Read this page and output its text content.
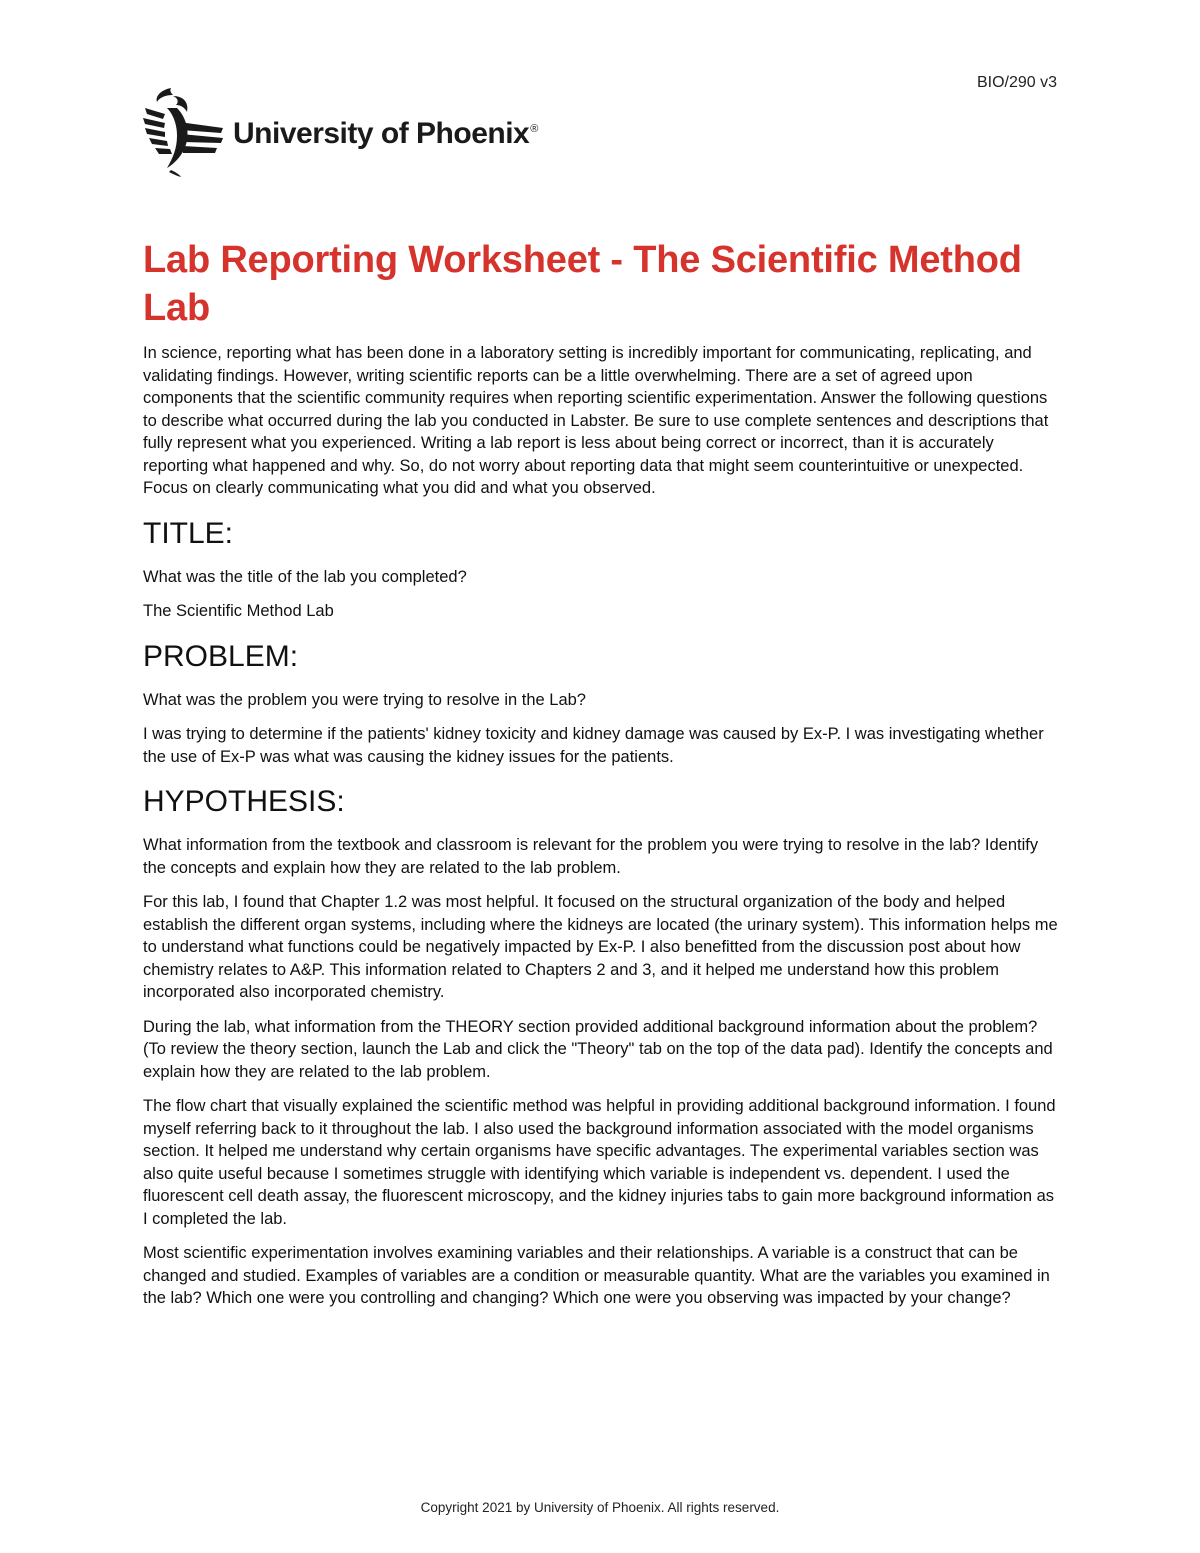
BIO/290 v3
University of Phoenix®
Lab Reporting Worksheet - The Scientific Method Lab

In science, reporting what has been done in a laboratory setting is incredibly important for communicating, replicating, and validating findings. However, writing scientific reports can be a little overwhelming. There are a set of agreed upon components that the scientific community requires when reporting scientific experimentation. Answer the following questions to describe what occurred during the lab you conducted in Labster. Be sure to use complete sentences and descriptions that fully represent what you experienced. Writing a lab report is less about being correct or incorrect, than it is accurately reporting what happened and why. So, do not worry about reporting data that might seem counterintuitive or unexpected. Focus on clearly communicating what you did and what you observed.

TITLE:

What was the title of the lab you completed?

The Scientific Method Lab

PROBLEM:

What was the problem you were trying to resolve in the Lab?

I was trying to determine if the patients' kidney toxicity and kidney damage was caused by Ex-P. I was investigating whether the use of Ex-P was what was causing the kidney issues for the patients.

HYPOTHESIS:

What information from the textbook and classroom is relevant for the problem you were trying to resolve in the lab? Identify the concepts and explain how they are related to the lab problem.

For this lab, I found that Chapter 1.2 was most helpful. It focused on the structural organization of the body and helped establish the different organ systems, including where the kidneys are located (the urinary system). This information helps me to understand what functions could be negatively impacted by Ex-P. I also benefitted from the discussion post about how chemistry relates to A&P. This information related to Chapters 2 and 3, and it helped me understand how this problem incorporated also incorporated chemistry.

During the lab, what information from the THEORY section provided additional background information about the problem? (To review the theory section, launch the Lab and click the "Theory" tab on the top of the data pad). Identify the concepts and explain how they are related to the lab problem.

The flow chart that visually explained the scientific method was helpful in providing additional background information. I found myself referring back to it throughout the lab. I also used the background information associated with the model organisms section. It helped me understand why certain organisms have specific advantages. The experimental variables section was also quite useful because I sometimes struggle with identifying which variable is independent vs. dependent. I used the fluorescent cell death assay, the fluorescent microscopy, and the kidney injuries tabs to gain more background information as I completed the lab.

Most scientific experimentation involves examining variables and their relationships. A variable is a construct that can be changed and studied. Examples of variables are a condition or measurable quantity. What are the variables you examined in the lab? Which one were you controlling and changing? Which one were you observing was impacted by your change?

Copyright 2021 by University of Phoenix. All rights reserved.
